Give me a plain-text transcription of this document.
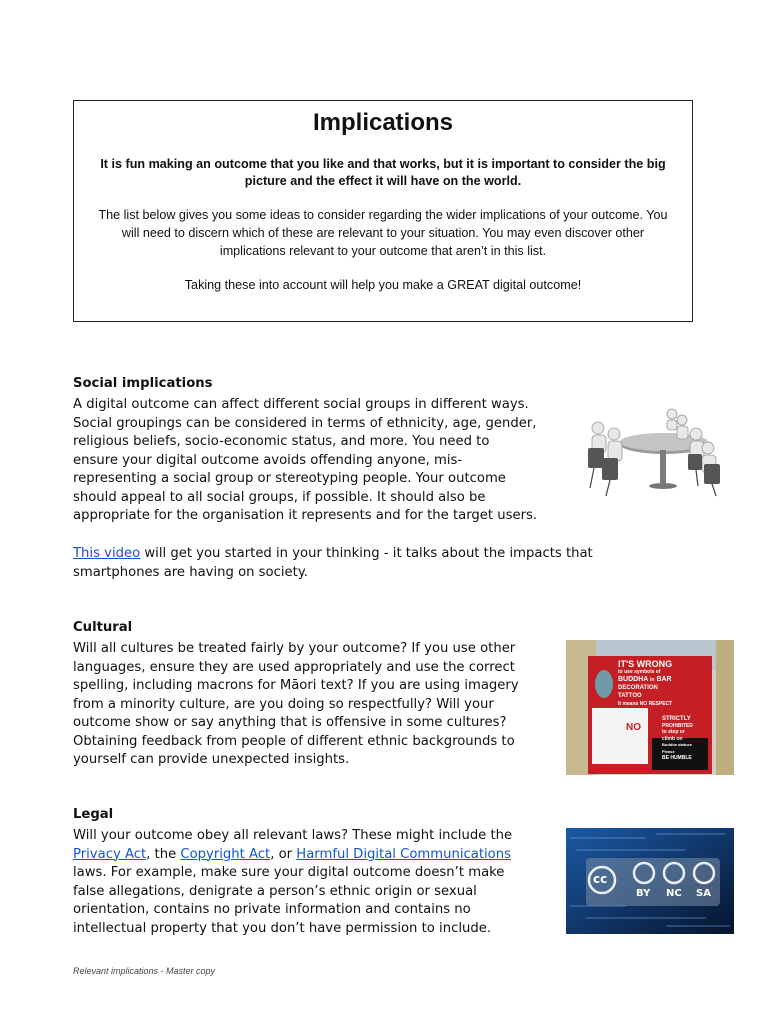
Implications

It is fun making an outcome that you like and that works, but it is important to consider the big picture and the effect it will have on the world.

The list below gives you some ideas to consider regarding the wider implications of your outcome. You will need to discern which of these are relevant to your situation. You may even discover other implications relevant to your outcome that aren’t in this list.

Taking these into account will help you make a GREAT digital outcome!

Social implications

A digital outcome can affect different social groups in different ways.
Social groupings can be considered in terms of ethnicity, age, gender,
religious beliefs, socio-economic status, and more. You need to
ensure your digital outcome avoids offending anyone, mis-
representing a social group or stereotyping people. Your outcome
should appeal to all social groups, if possible. It should also be
appropriate for the organisation it represents and for the target users.
This video will get you started in your thinking - it talks about the impacts that
smartphones are having on society.

Cultural

Will all cultures be treated fairly by your outcome? If you use other
languages, ensure they are used appropriately and use the correct
spelling, including macrons for Māori text? If you are using imagery
from a minority culture, are you doing so respectfully? Will your
outcome show or say anything that is offensive in some cultures?
Obtaining feedback from people of different ethnic backgrounds to
yourself can provide unexpected insights.
IT'S WRONG
to use symbols of
BUDDHA in BAR
DECORATION
TATTOO
It means NO RESPECT
NO
STRICTLY
PROHIBITED
to step or
climb on
Buddha statues
Please
BE HUMBLE

Legal

Will your outcome obey all relevant laws? These might include the
Privacy Act, the Copyright Act, or Harmful Digital Communications
laws. For example, make sure your digital outcome doesn’t make
false allegations, denigrate a person’s ethnic origin or sexual
orientation, contains no private information and contains no
intellectual property that you don’t have permission to include.
cc
BY NC SA
Relevant implications - Master copy
